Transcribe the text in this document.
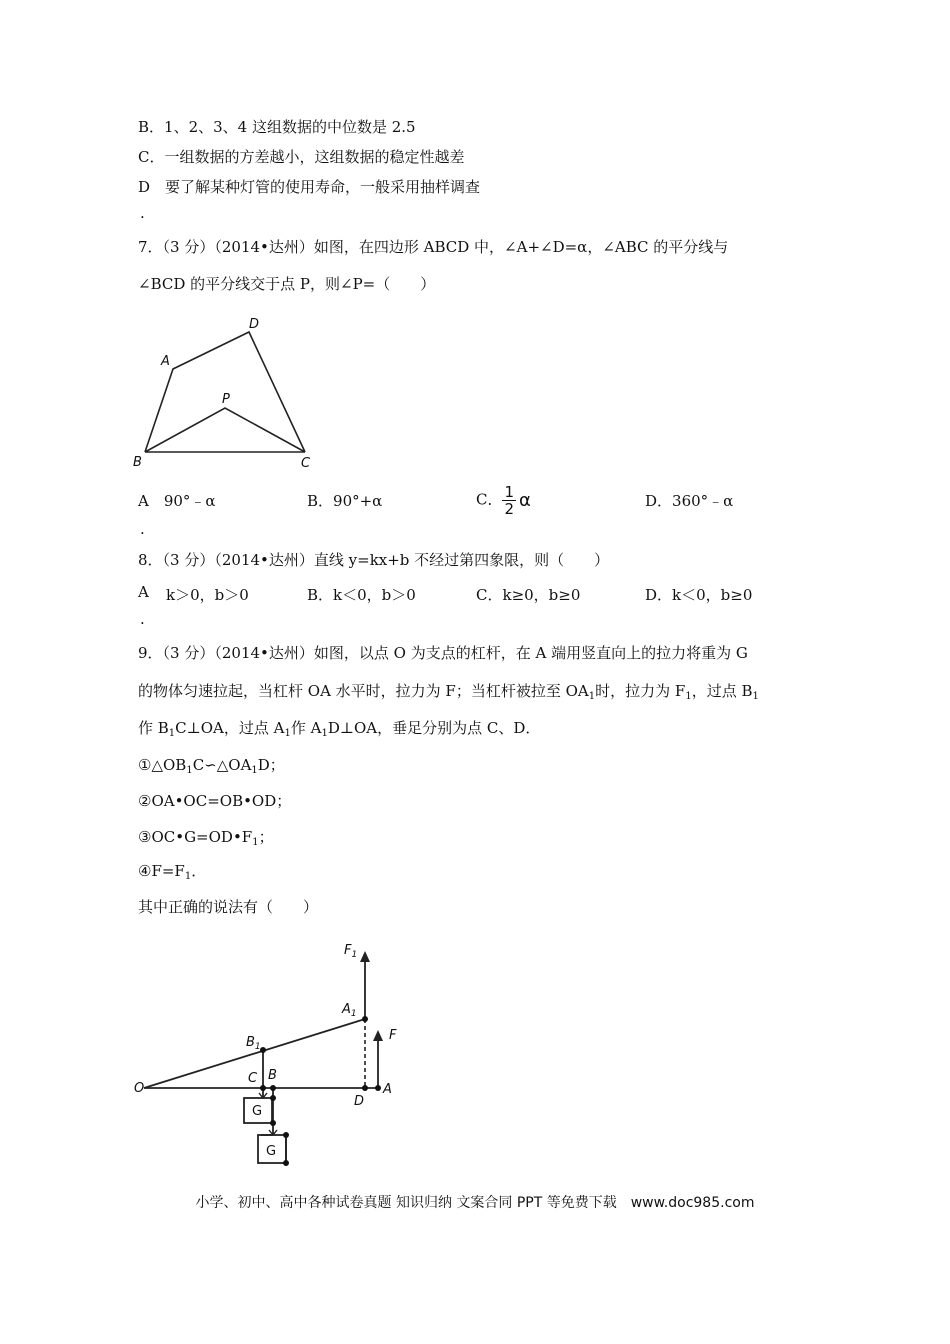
B．1、2、3、4 这组数据的中位数是 2.5
C．一组数据的方差越小，这组数据的稳定性越差
D　要了解某种灯管的使用寿命，一般采用抽样调查
.
7．（3 分）（2014•达州）如图，在四边形 ABCD 中，∠A+∠D=α，∠ABC 的平分线与
∠BCD 的平分线交于点 P，则∠P=（　　）
A
D
P
B	C
A　90°﹣α	B．90°+α	C． $\frac{1}{2}$ α	D．360°﹣α
.
8．（3 分）（2014•达州）直线 y=kx+b 不经过第四象限，则（　　）
A k＞0，b＞0	B．k＜0，b＞0	C．k≥0，b≥0	D．k＜0，b≥0
.
9．（3 分）（2014•达州）如图，以点 O 为支点的杠杆，在 A 端用竖直向上的拉力将重为 G
的物体匀速拉起，当杠杆 OA 水平时，拉力为 F；当杠杆被拉至 $OA_1$时，拉力为 $F_1$，过点 $B_1$
作 $B_1C\perp OA$，过点 $A_1$作 $A_1D\perp OA$，垂足分别为点 C、D．
$①\triangle OB_1C∽\triangle OA_1D$；
②OA•OC=OB•OD；
$③OC•G=OD•F_1$；
$④F=F_1$．
其中正确的说法有（　　）
$F_1$
$A_1$
F
$B_1$
O
C B
D
A
G
G
小学、初中、高中各种试卷真题 知识归纳 文案合同 PPT 等免费下载　www.doc985.com
